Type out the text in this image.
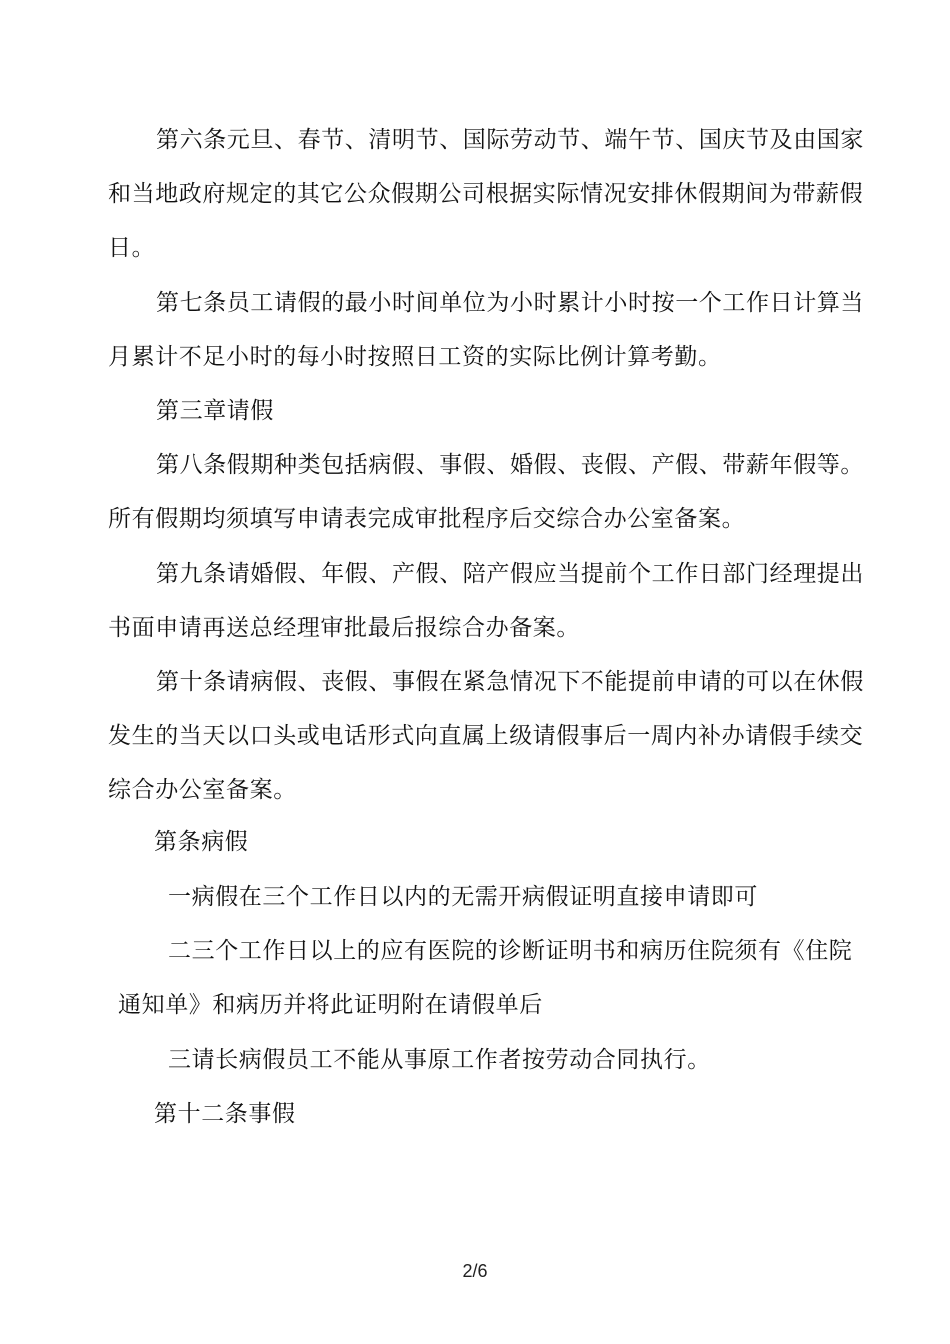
第六条元旦、春节、清明节、国际劳动节、端午节、国庆节及由国家
和当地政府规定的其它公众假期公司根据实际情况安排休假期间为带薪假
日。
第七条员工请假的最小时间单位为小时累计小时按一个工作日计算当
月累计不足小时的每小时按照日工资的实际比例计算考勤。
第三章请假
第八条假期种类包括病假、事假、婚假、丧假、产假、带薪年假等。
所有假期均须填写申请表完成审批程序后交综合办公室备案。
第九条请婚假、年假、产假、陪产假应当提前个工作日部门经理提出
书面申请再送总经理审批最后报综合办备案。
第十条请病假、丧假、事假在紧急情况下不能提前申请的可以在休假
发生的当天以口头或电话形式向直属上级请假事后一周内补办请假手续交
综合办公室备案。
第条病假
一病假在三个工作日以内的无需开病假证明直接申请即可
二三个工作日以上的应有医院的诊断证明书和病历住院须有《住院
通知单》和病历并将此证明附在请假单后
三请长病假员工不能从事原工作者按劳动合同执行。
第十二条事假
2/6
